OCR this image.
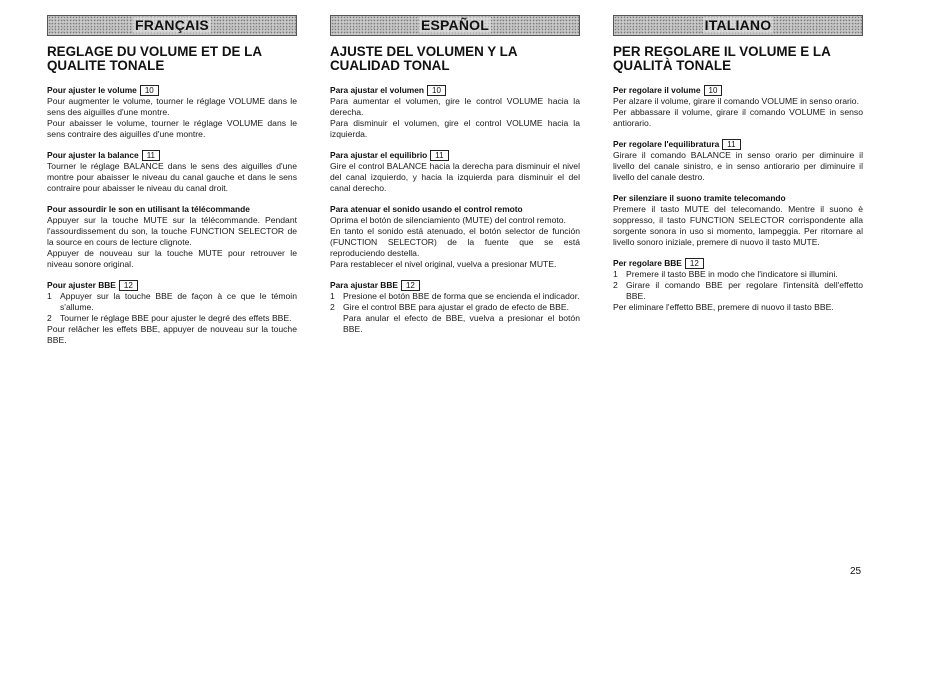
FRANÇAIS
REGLAGE DU VOLUME ET DE LA QUALITE TONALE
Pour ajuster le volume 10

Pour augmenter le volume, tourner le réglage VOLUME dans le sens des aiguilles d'une montre.

Pour abaisser le volume, tourner le réglage VOLUME dans le sens contraire des aiguilles d'une montre.

Pour ajuster la balance 11

Tourner le réglage BALANCE dans le sens des aiguilles d'une montre pour abaisser le niveau du canal gauche et dans le sens contraire pour abaisser le niveau du canal droit.

Pour assourdir le son en utilisant la télécommande

Appuyer sur la touche MUTE sur la télécommande. Pendant l'assourdissement du son, la touche FUNCTION SELECTOR de la source en cours de lecture clignote.

Appuyer de nouveau sur la touche MUTE pour retrouver le niveau sonore original.

Pour ajuster BBE 12
1 Appuyer sur la touche BBE de façon à ce que le témoin s'allume.
2 Tourner le réglage BBE pour ajuster le degré des effets BBE.

Pour relâcher les effets BBE, appuyer de nouveau sur la touche BBE.

ESPAÑOL
AJUSTE DEL VOLUMEN Y LA CUALIDAD TONAL
Para ajustar el volumen 10

Para aumentar el volumen, gire le control VOLUME hacia la derecha.

Para disminuir el volumen, gire el control VOLUME hacia la izquierda.

Para ajustar el equilibrio 11

Gire el control BALANCE hacia la derecha para disminuir el nivel del canal izquierdo, y hacia la izquierda para disminuir el del canal derecho.

Para atenuar el sonido usando el control remoto

Oprima el botón de silenciamiento (MUTE) del control remoto.

En tanto el sonido está atenuado, el botón selector de función (FUNCTION SELECTOR) de la fuente que se está reproduciendo destella.

Para restablecer el nivel original, vuelva a presionar MUTE.

Para ajustar BBE 12
1 Presione el botón BBE de forma que se encienda el indicador.
2 Gire el control BBE para ajustar el grado de efecto de BBE.
Para anular el efecto de BBE, vuelva a presionar el botón BBE.
ITALIANO
PER REGOLARE IL VOLUME E LA QUALITÀ TONALE
Per regolare il volume 10

Per alzare il volume, girare il comando VOLUME in senso orario.

Per abbassare il volume, girare il comando VOLUME in senso antiorario.

Per regolare l'equilibratura 11

Girare il comando BALANCE in senso orario per diminuire il livello del canale sinistro, e in senso antiorario per diminuire il livello del canale destro.

Per silenziare il suono tramite telecomando

Premere il tasto MUTE del telecomando. Mentre il suono è soppresso, il tasto FUNCTION SELECTOR corrispondente alla sorgente sonora in uso si momento, lampeggia. Per ritornare al livello sonoro iniziale, premere di nuovo il tasto MUTE.

Per regolare BBE 12
1 Premere il tasto BBE in modo che l'indicatore si illumini.
2 Girare il comando BBE per regolare l'intensità dell'effetto BBE.

Per eliminare l'effetto BBE, premere di nuovo il tasto BBE.

25
